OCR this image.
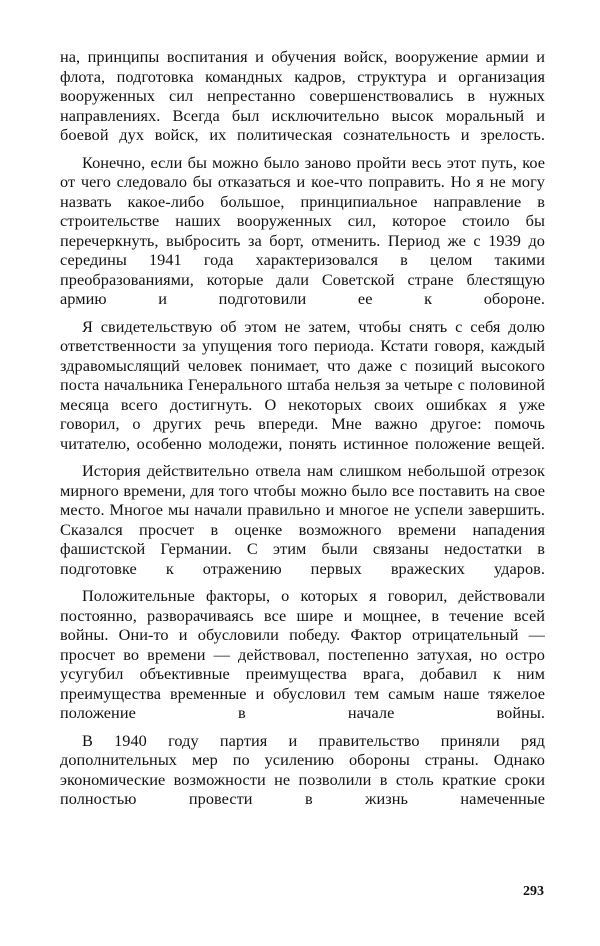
на, принципы воспитания и обучения войск, вооружение армии и флота, подготовка командных кадров, структура и организация вооруженных сил непрестанно совершенствовались в нужных направлениях. Всегда был исключительно высок моральный и боевой дух войск, их политическая сознательность и зрелость.

Конечно, если бы можно было заново пройти весь этот путь, кое от чего следовало бы отказаться и кое-что поправить. Но я не могу назвать какое-либо большое, принципиальное направление в строительстве наших вооруженных сил, которое стоило бы перечеркнуть, выбросить за борт, отменить. Период же с 1939 до середины 1941 года характеризовался в целом такими преобразованиями, которые дали Советской стране блестящую армию и подготовили ее к обороне.

Я свидетельствую об этом не затем, чтобы снять с себя долю ответственности за упущения того периода. Кстати говоря, каждый здравомыслящий человек понимает, что даже с позиций высокого поста начальника Генерального штаба нельзя за четыре с половиной месяца всего достигнуть. О некоторых своих ошибках я уже говорил, о других речь впереди. Мне важно другое: помочь читателю, особенно молодежи, понять истинное положение вещей.

История действительно отвела нам слишком небольшой отрезок мирного времени, для того чтобы можно было все поставить на свое место. Многое мы начали правильно и многое не успели завершить. Сказался просчет в оценке возможного времени нападения фашистской Германии. С этим были связаны недостатки в подготовке к отражению первых вражеских ударов.

Положительные факторы, о которых я говорил, действовали постоянно, разворачиваясь все шире и мощнее, в течение всей войны. Они-то и обусловили победу. Фактор отрицательный — просчет во времени — действовал, постепенно затухая, но остро усугубил объективные преимущества врага, добавил к ним преимущества временные и обусловил тем самым наше тяжелое положение в начале войны.

В 1940 году партия и правительство приняли ряд дополнительных мер по усилению обороны страны. Однако экономические возможности не позволили в столь краткие сроки полностью провести в жизнь намеченные

293
